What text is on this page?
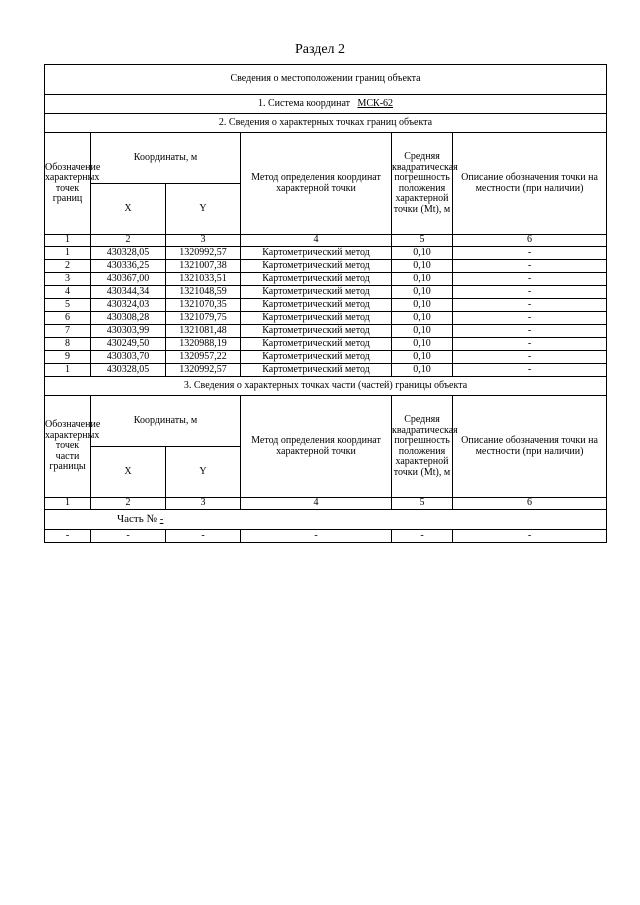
Раздел 2
Сведения о местоположении границ объекта					
1. Система координат МСК-62					
2. Сведения о характерных точках границ объекта					
Обозначение характерных точек границ	Координаты, м		Метод определения координат характерной точки	Средняя квадратическая погрешность положения характерной точки (Mt), м	Описание обозначения точки на местности (при наличии)
	X	Y			
1	2	3	4	5	6
1	430328,05	1320992,57	Картометрический метод	0,10	-
2	430336,25	1321007,38	Картометрический метод	0,10	-
3	430367,00	1321033,51	Картометрический метод	0,10	-
4	430344,34	1321048,59	Картометрический метод	0,10	-
5	430324,03	1321070,35	Картометрический метод	0,10	-
6	430308,28	1321079,75	Картометрический метод	0,10	-
7	430303,99	1321081,48	Картометрический метод	0,10	-
8	430249,50	1320988,19	Картометрический метод	0,10	-
9	430303,70	1320957,22	Картометрический метод	0,10	-
1	430328,05	1320992,57	Картометрический метод	0,10	-
3. Сведения о характерных точках части (частей) границы объекта					
Обозначение характерных точек части границы	Координаты, м		Метод определения координат характерной точки	Средняя квадратическая погрешность положения характерной точки (Mt), м	Описание обозначения точки на местности (при наличии)
	X	Y			
1	2	3	4	5	6
Часть № -					
-	-	-	-	-	-
